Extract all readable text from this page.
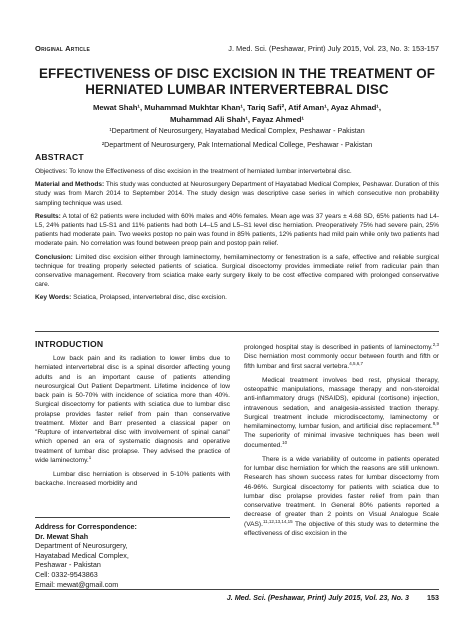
Original Article	J. Med. Sci. (Peshawar, Print) July 2015, Vol. 23, No. 3: 153-157
EFFECTIVENESS OF DISC EXCISION IN THE TREATMENT OF
HERNIATED LUMBAR INTERVERTEBRAL DISC
Mewat Shah¹, Muhammad Mukhtar Khan¹, Tariq Safi², Atif Aman¹, Ayaz Ahmad¹,
Muhammad Ali Shah¹, Fayaz Ahmed¹
¹Department of Neurosurgery, Hayatabad Medical Complex, Peshawar - Pakistan
²Department of Neurosurgery, Pak International Medical College, Peshawar - Pakistan
ABSTRACT

Objectives: To know the Effectiveness of disc excision in the treatment of herniated lumbar intervertebral disc.

Material and Methods: This study was conducted at Neurosurgery Department of Hayatabad Medical Complex, Peshawar. Duration of this study was from March 2014 to September 2014. The study design was descriptive case series in which consecutive non probability sampling technique was used.

Results: A total of 62 patients were included with 60% males and 40% females. Mean age was 37 years ± 4.68 SD, 65% patients had L4-L5, 24% patients had L5-S1 and 11% patients had both L4–L5 and L5–S1 level disc herniation. Preoperatively 75% had severe pain, 25% patients had moderate pain. Two weeks postop no pain was found in 85% patients, 12% patients had mild pain while only two patients had moderate pain. No correlation was found between preop pain and postop pain relief.

Conclusion: Limited disc excision either through laminectomy, hemilaminectomy or fenestration is a safe, effective and reliable surgical technique for treating properly selected patients of sciatica. Surgical discectomy provides immediate relief from radicular pain than conservative management. Recovery from sciatica make early surgery likely to be cost effective compared with prolonged conservative care.

Key Words: Sciatica, Prolapsed, intervertebral disc, disc excision.

INTRODUCTION

Low back pain and its radiation to lower limbs due to herniated intervertebral disc is a spinal disorder affecting young adults and is an important cause of patients attending neurosurgical Out Patient Department. Lifetime incidence of low back pain is 50-70% with incidence of sciatica more than 40%. Surgical discectomy for patients with sciatica due to lumbar disc prolapse provides faster relief from pain than conservative treatment. Mixter and Barr presented a classical paper on "Rupture of intervertebral disc with involvement of spinal canal" which opened an era of systematic diagnosis and operative treatment of lumbar disc prolapse. They advised the practice of wide laminectomy.$^1$

Lumbar disc herniation is observed in 5-10% patients with backache. Increased morbidity and

Address for Correspondence:
Dr. Mewat Shah
Department of Neurosurgery,
Hayatabad Medical Complex,
Peshawar - Pakistan
Cell: 0332-9543863
Email: mewat@gmail.com

prolonged hospital stay is described in patients of laminectomy.$^{2,3}$ Disc herniation most commonly occur between fourth and fifth or fifth lumbar and first sacral vertebra.$^{4,5,6,7}$

Medical treatment involves bed rest, physical therapy, osteopathic manipulations, massage therapy and non-steroidal anti-inflammatory drugs (NSAIDS), epidural (cortisone) injection, intravenous sedation, and analgesia-assisted traction therapy. Surgical treatment include microdiscectomy, laminectomy or hemilaminectomy, lumbar fusion, and artificial disc replacement.$^{8,9}$ The superiority of minimal invasive techniques has been well documented.$^{10}$

There is a wide variability of outcome in patients operated for lumbar disc herniation for which the reasons are still unknown. Research has shown success rates for lumbar discectomy from 46-96%. Surgical discectomy for patients with sciatica due to lumbar disc prolapse provides faster relief from pain than conservative treatment. In General 80% patients reported a decrease of greater than 2 points on Visual Analogue Scale (VAS).$^{11,12,13,14,15}$ The objective of this study was to determine the effectiveness of disc excision in the

J. Med. Sci. (Peshawar, Print) July 2015, Vol. 23, No. 3	153
